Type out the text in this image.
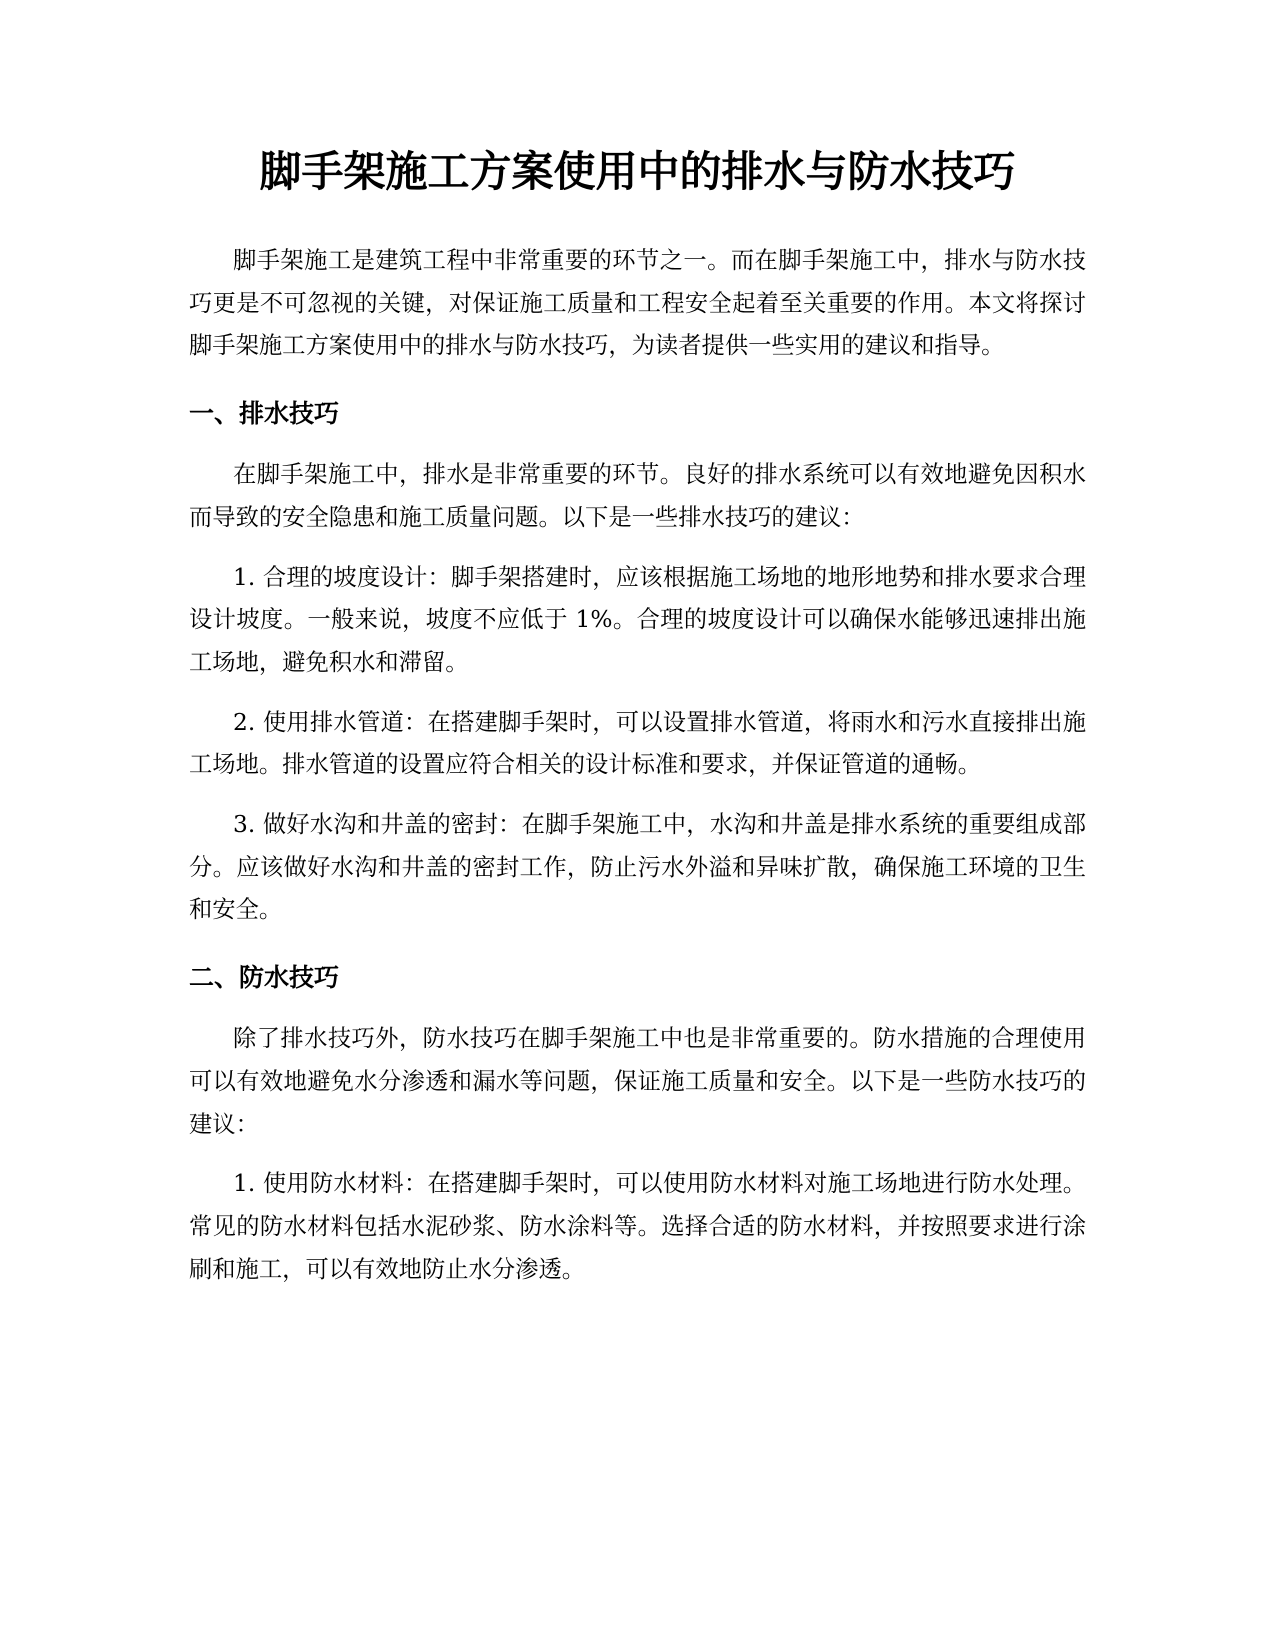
脚手架施工方案使用中的排水与防水技巧

脚手架施工是建筑工程中非常重要的环节之一。而在脚手架施工中，排水与防水技巧更是不可忽视的关键，对保证施工质量和工程安全起着至关重要的作用。本文将探讨脚手架施工方案使用中的排水与防水技巧，为读者提供一些实用的建议和指导。

一、排水技巧

在脚手架施工中，排水是非常重要的环节。良好的排水系统可以有效地避免因积水而导致的安全隐患和施工质量问题。以下是一些排水技巧的建议：

1. 合理的坡度设计：脚手架搭建时，应该根据施工场地的地形地势和排水要求合理设计坡度。一般来说，坡度不应低于 1%。合理的坡度设计可以确保水能够迅速排出施工场地，避免积水和滞留。

2. 使用排水管道：在搭建脚手架时，可以设置排水管道，将雨水和污水直接排出施工场地。排水管道的设置应符合相关的设计标准和要求，并保证管道的通畅。

3. 做好水沟和井盖的密封：在脚手架施工中，水沟和井盖是排水系统的重要组成部分。应该做好水沟和井盖的密封工作，防止污水外溢和异味扩散，确保施工环境的卫生和安全。

二、防水技巧

除了排水技巧外，防水技巧在脚手架施工中也是非常重要的。防水措施的合理使用可以有效地避免水分渗透和漏水等问题，保证施工质量和安全。以下是一些防水技巧的建议：

1. 使用防水材料：在搭建脚手架时，可以使用防水材料对施工场地进行防水处理。常见的防水材料包括水泥砂浆、防水涂料等。选择合适的防水材料，并按照要求进行涂刷和施工，可以有效地防止水分渗透。
